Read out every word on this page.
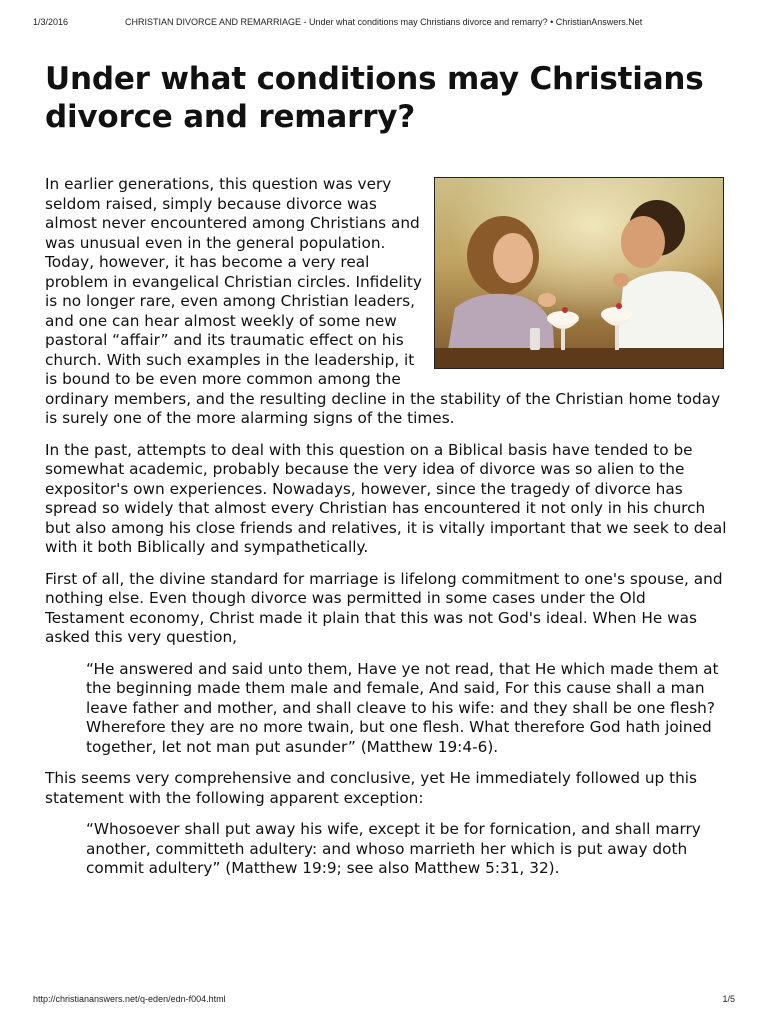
1/3/2016	CHRISTIAN DIVORCE AND REMARRIAGE - Under what conditions may Christians divorce and remarry? • ChristianAnswers.Net
Under what conditions may Christians divorce and remarry?

In earlier generations, this question was very seldom raised, simply because divorce was almost never encountered among Christians and was unusual even in the general population. Today, however, it has become a very real problem in evangelical Christian circles. Infidelity is no longer rare, even among Christian leaders, and one can hear almost weekly of some new pastoral “affair” and its traumatic effect on his church. With such examples in the leadership, it is bound to be even more common among the ordinary members, and the resulting decline in the stability of the Christian home today is surely one of the more alarming signs of the times.

In the past, attempts to deal with this question on a Biblical basis have tended to be somewhat academic, probably because the very idea of divorce was so alien to the expositor's own experiences. Nowadays, however, since the tragedy of divorce has spread so widely that almost every Christian has encountered it not only in his church but also among his close friends and relatives, it is vitally important that we seek to deal with it both Biblically and sympathetically.

First of all, the divine standard for marriage is lifelong commitment to one's spouse, and nothing else. Even though divorce was permitted in some cases under the Old Testament economy, Christ made it plain that this was not God's ideal. When He was asked this very question,

“He answered and said unto them, Have ye not read, that He which made them at the beginning made them male and female, And said, For this cause shall a man leave father and mother, and shall cleave to his wife: and they shall be one flesh? Wherefore they are no more twain, but one flesh. What therefore God hath joined together, let not man put asunder” (Matthew 19:4-6).

This seems very comprehensive and conclusive, yet He immediately followed up this statement with the following apparent exception:

“Whosoever shall put away his wife, except it be for fornication, and shall marry another, committeth adultery: and whoso marrieth her which is put away doth commit adultery” (Matthew 19:9; see also Matthew 5:31, 32).
http://christiananswers.net/q-eden/edn-f004.html	1/5
